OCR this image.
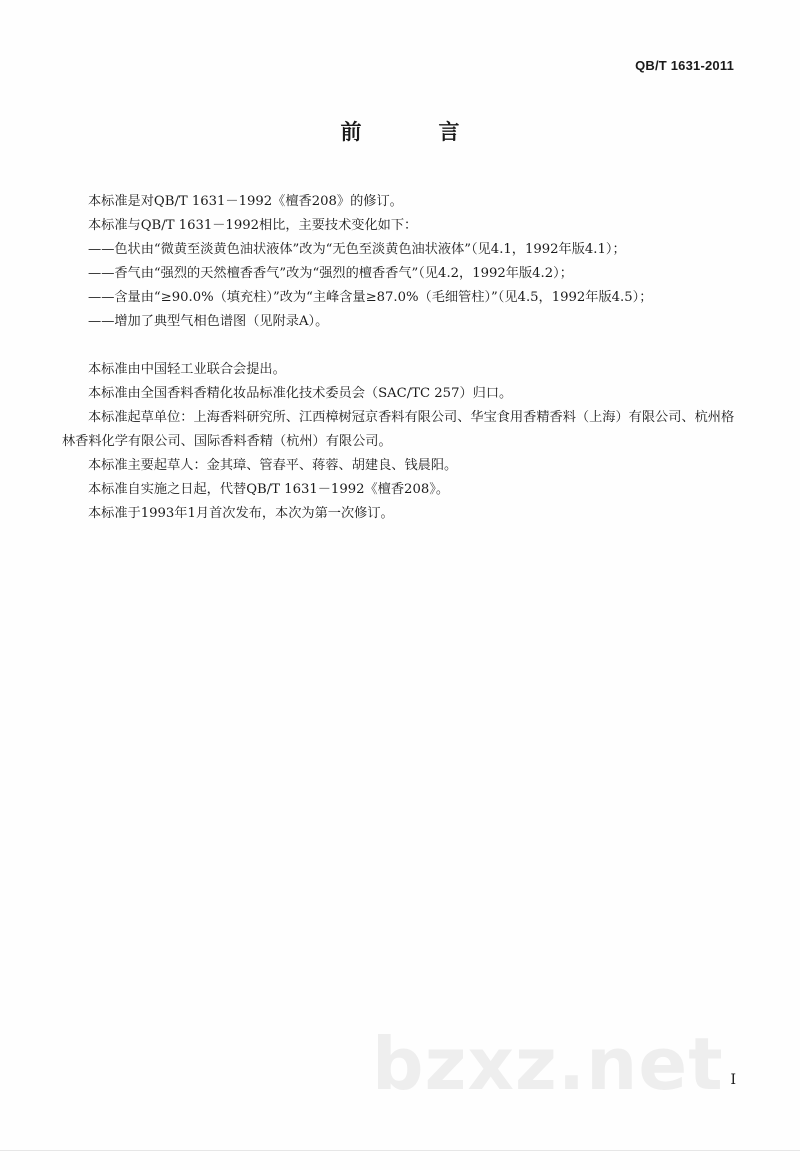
QB/T 1631-2011
前　言

本标准是对QB/T 1631－1992《檀香208》的修订。

本标准与QB/T 1631－1992相比，主要技术变化如下：

——色状由“微黄至淡黄色油状液体”改为“无色至淡黄色油状液体”（见4.1，1992年版4.1）；

——香气由“强烈的天然檀香香气”改为“强烈的檀香香气”（见4.2，1992年版4.2）；

——含量由“≥90.0%（填充柱）”改为“主峰含量≥87.0%（毛细管柱）”（见4.5，1992年版4.5）；

——增加了典型气相色谱图（见附录A）。

本标准由中国轻工业联合会提出。

本标准由全国香料香精化妆品标准化技术委员会（SAC/TC 257）归口。

本标准起草单位：上海香料研究所、江西樟树冠京香料有限公司、华宝食用香精香料（上海）有限公司、杭州格林香料化学有限公司、国际香料香精（杭州）有限公司。

本标准主要起草人：金其璋、管春平、蒋蓉、胡建良、钱晨阳。

本标准自实施之日起，代替QB/T 1631－1992《檀香208》。

本标准于1993年1月首次发布，本次为第一次修订。

bzxz.net I
